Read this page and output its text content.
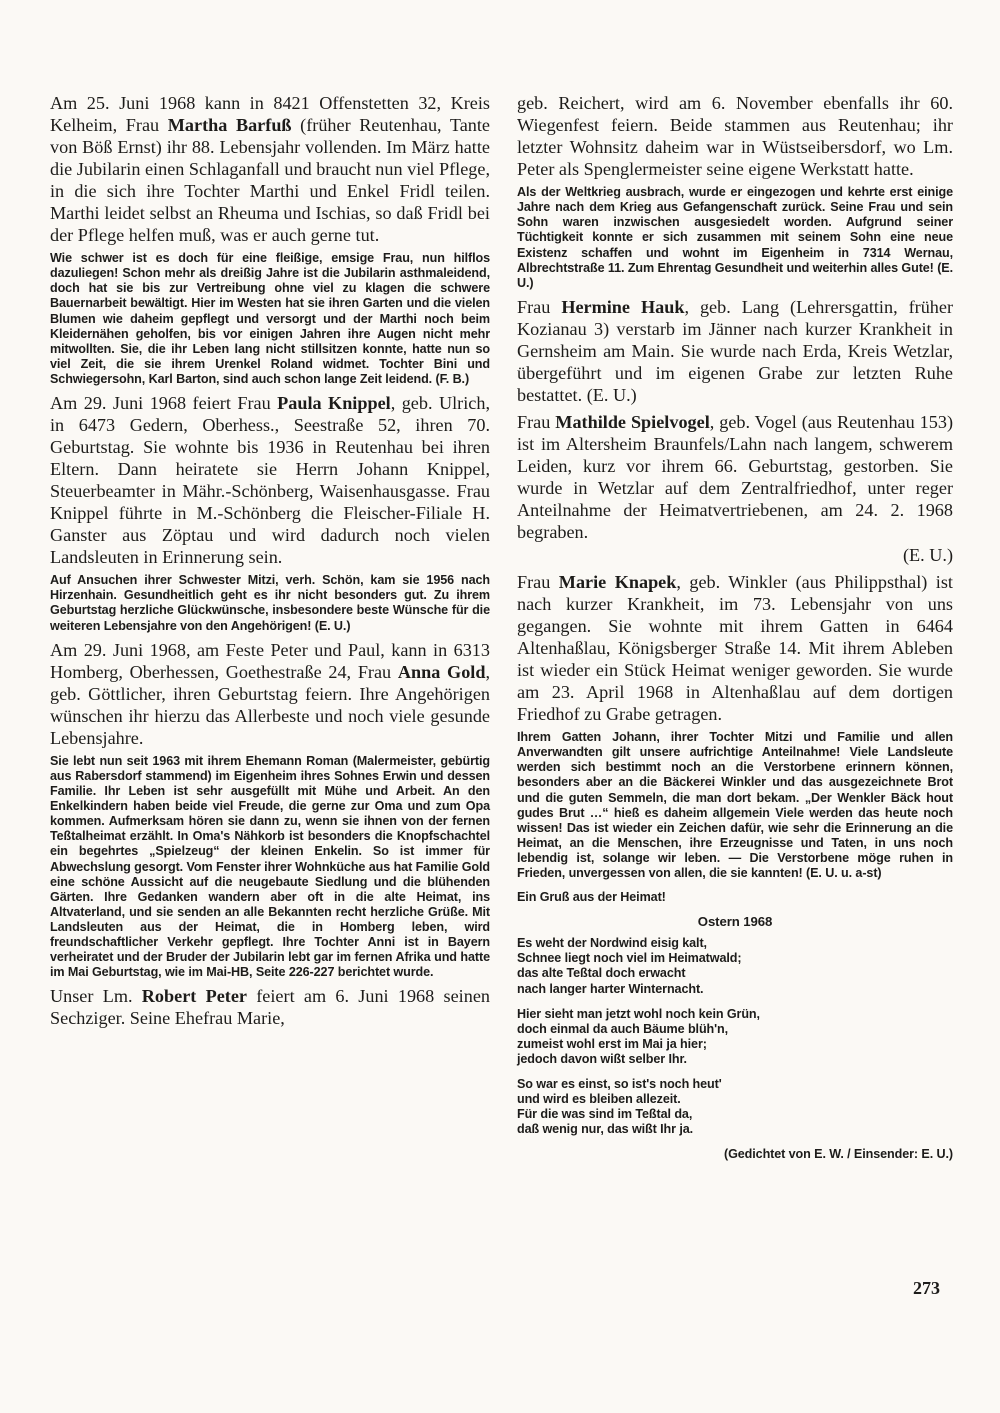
Am 25. Juni 1968 kann in 8421 Offenstetten 32, Kreis Kelheim, Frau Martha Barfuß (früher Reutenhau, Tante von Böß Ernst) ihr 88. Lebensjahr vollenden. Im März hatte die Jubilarin einen Schlaganfall und braucht nun viel Pflege, in die sich ihre Tochter Marthi und Enkel Fridl teilen. Marthi leidet selbst an Rheuma und Ischias, so daß Fridl bei der Pflege helfen muß, was er auch gerne tut.

Wie schwer ist es doch für eine fleißige, emsige Frau, nun hilflos dazuliegen! Schon mehr als dreißig Jahre ist die Jubilarin asthmaleidend, doch hat sie bis zur Vertreibung ohne viel zu klagen die schwere Bauernarbeit bewältigt. Hier im Westen hat sie ihren Garten und die vielen Blumen wie daheim gepflegt und versorgt und der Marthi noch beim Kleidernähen geholfen, bis vor einigen Jahren ihre Augen nicht mehr mitwollten. Sie, die ihr Leben lang nicht stillsitzen konnte, hatte nun so viel Zeit, die sie ihrem Urenkel Roland widmet. Tochter Bini und Schwiegersohn, Karl Barton, sind auch schon lange Zeit leidend. (F. B.)

Am 29. Juni 1968 feiert Frau Paula Knippel, geb. Ulrich, in 6473 Gedern, Oberhess., Seestraße 52, ihren 70. Geburtstag. Sie wohnte bis 1936 in Reutenhau bei ihren Eltern. Dann heiratete sie Herrn Johann Knippel, Steuerbeamter in Mähr.-Schönberg, Waisenhausgasse. Frau Knippel führte in M.-Schönberg die Fleischer-Filiale H. Ganster aus Zöptau und wird dadurch noch vielen Landsleuten in Erinnerung sein.

Auf Ansuchen ihrer Schwester Mitzi, verh. Schön, kam sie 1956 nach Hirzenhain. Gesundheitlich geht es ihr nicht besonders gut. Zu ihrem Geburtstag herzliche Glückwünsche, insbesondere beste Wünsche für die weiteren Lebensjahre von den Angehörigen! (E. U.)

Am 29. Juni 1968, am Feste Peter und Paul, kann in 6313 Homberg, Oberhessen, Goethestraße 24, Frau Anna Gold, geb. Göttlicher, ihren Geburtstag feiern. Ihre Angehörigen wünschen ihr hierzu das Allerbeste und noch viele gesunde Lebensjahre.

Sie lebt nun seit 1963 mit ihrem Ehemann Roman (Malermeister, gebürtig aus Rabersdorf stammend) im Eigenheim ihres Sohnes Erwin und dessen Familie. Ihr Leben ist sehr ausgefüllt mit Mühe und Arbeit. An den Enkelkindern haben beide viel Freude, die gerne zur Oma und zum Opa kommen. Aufmerksam hören sie dann zu, wenn sie ihnen von der fernen Teßtalheimat erzählt. In Oma's Nähkorb ist besonders die Knopfschachtel ein begehrtes „Spielzeug“ der kleinen Enkelin. So ist immer für Abwechslung gesorgt. Vom Fenster ihrer Wohnküche aus hat Familie Gold eine schöne Aussicht auf die neugebaute Siedlung und die blühenden Gärten. Ihre Gedanken wandern aber oft in die alte Heimat, ins Altvaterland, und sie senden an alle Bekannten recht herzliche Grüße. Mit Landsleuten aus der Heimat, die in Homberg leben, wird freundschaftlicher Verkehr gepflegt. Ihre Tochter Anni ist in Bayern verheiratet und der Bruder der Jubilarin lebt gar im fernen Afrika und hatte im Mai Geburtstag, wie im Mai-HB, Seite 226-227 berichtet wurde.

Unser Lm. Robert Peter feiert am 6. Juni 1968 seinen Sechziger. Seine Ehefrau Marie,

geb. Reichert, wird am 6. November ebenfalls ihr 60. Wiegenfest feiern. Beide stammen aus Reutenhau; ihr letzter Wohnsitz daheim war in Wüstseibersdorf, wo Lm. Peter als Spenglermeister seine eigene Werkstatt hatte.

Als der Weltkrieg ausbrach, wurde er eingezogen und kehrte erst einige Jahre nach dem Krieg aus Gefangenschaft zurück. Seine Frau und sein Sohn waren inzwischen ausgesiedelt worden. Aufgrund seiner Tüchtigkeit konnte er sich zusammen mit seinem Sohn eine neue Existenz schaffen und wohnt im Eigenheim in 7314 Wernau, Albrechtstraße 11. Zum Ehrentag Gesundheit und weiterhin alles Gute! (E. U.)

Frau Hermine Hauk, geb. Lang (Lehrersgattin, früher Kozianau 3) verstarb im Jänner nach kurzer Krankheit in Gernsheim am Main. Sie wurde nach Erda, Kreis Wetzlar, übergeführt und im eigenen Grabe zur letzten Ruhe bestattet. (E. U.)

Frau Mathilde Spielvogel, geb. Vogel (aus Reutenhau 153) ist im Altersheim Braunfels/Lahn nach langem, schwerem Leiden, kurz vor ihrem 66. Geburtstag, gestorben. Sie wurde in Wetzlar auf dem Zentralfriedhof, unter reger Anteilnahme der Heimatvertriebenen, am 24. 2. 1968 begraben.

(E. U.)

Frau Marie Knapek, geb. Winkler (aus Philippsthal) ist nach kurzer Krankheit, im 73. Lebensjahr von uns gegangen. Sie wohnte mit ihrem Gatten in 6464 Altenhaßlau, Königsberger Straße 14. Mit ihrem Ableben ist wieder ein Stück Heimat weniger geworden. Sie wurde am 23. April 1968 in Altenhaßlau auf dem dortigen Friedhof zu Grabe getragen.

Ihrem Gatten Johann, ihrer Tochter Mitzi und Familie und allen Anverwandten gilt unsere aufrichtige Anteilnahme! Viele Landsleute werden sich bestimmt noch an die Verstorbene erinnern können, besonders aber an die Bäckerei Winkler und das ausgezeichnete Brot und die guten Semmeln, die man dort bekam. „Der Wenkler Bäck hout gudes Brut …“ hieß es daheim allgemein Viele werden das heute noch wissen! Das ist wieder ein Zeichen dafür, wie sehr die Erinnerung an die Heimat, an die Menschen, ihre Erzeugnisse und Taten, in uns noch lebendig ist, solange wir leben. — Die Verstorbene möge ruhen in Frieden, unvergessen von allen, die sie kannten! (E. U. u. a-st)

Ein Gruß aus der Heimat!

Ostern 1968

Es weht der Nordwind eisig kalt,
Schnee liegt noch viel im Heimatwald;
das alte Teßtal doch erwacht
nach langer harter Winternacht.

Hier sieht man jetzt wohl noch kein Grün,
doch einmal da auch Bäume blüh'n,
zumeist wohl erst im Mai ja hier;
jedoch davon wißt selber Ihr.

So war es einst, so ist's noch heut'
und wird es bleiben allezeit.
Für die was sind im Teßtal da,
daß wenig nur, das wißt Ihr ja.

(Gedichtet von E. W. / Einsender: E. U.)

273
